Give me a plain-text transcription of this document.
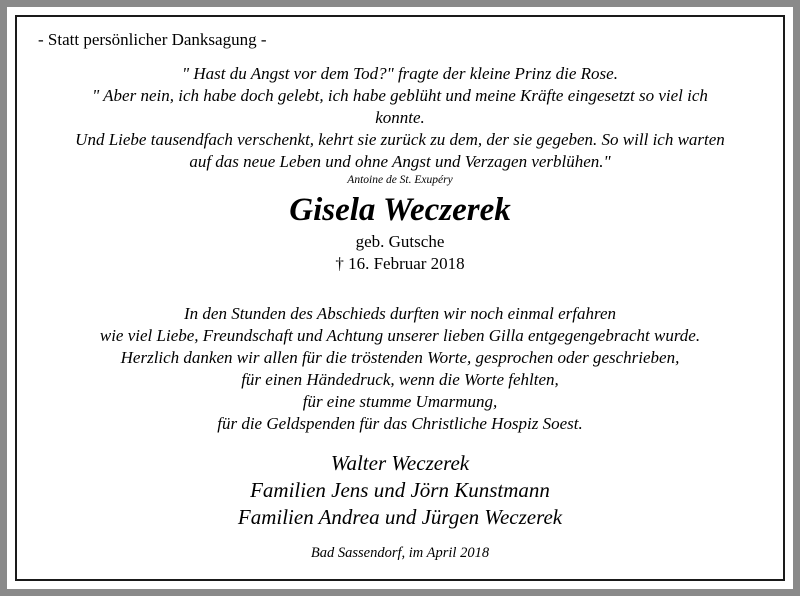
- Statt persönlicher Danksagung -
" Hast du Angst vor dem Tod?" fragte der kleine Prinz die Rose.
" Aber nein, ich habe doch gelebt, ich habe geblüht und meine Kräfte eingesetzt so viel ich
konnte.
Und Liebe tausendfach verschenkt, kehrt sie zurück zu dem, der sie gegeben. So will ich warten
auf das neue Leben und ohne Angst und Verzagen verblühen."
Antoine de St. Exupéry
Gisela Weczerek
geb. Gutsche
† 16. Februar 2018
In den Stunden des Abschieds durften wir noch einmal erfahren
wie viel Liebe, Freundschaft und Achtung unserer lieben Gilla entgegengebracht wurde.
Herzlich danken wir allen für die tröstenden Worte, gesprochen oder geschrieben,
für einen Händedruck, wenn die Worte fehlten,
für eine stumme Umarmung,
für die Geldspenden für das Christliche Hospiz Soest.
Walter Weczerek
Familien Jens und Jörn Kunstmann
Familien Andrea und Jürgen Weczerek
Bad Sassendorf, im April 2018
